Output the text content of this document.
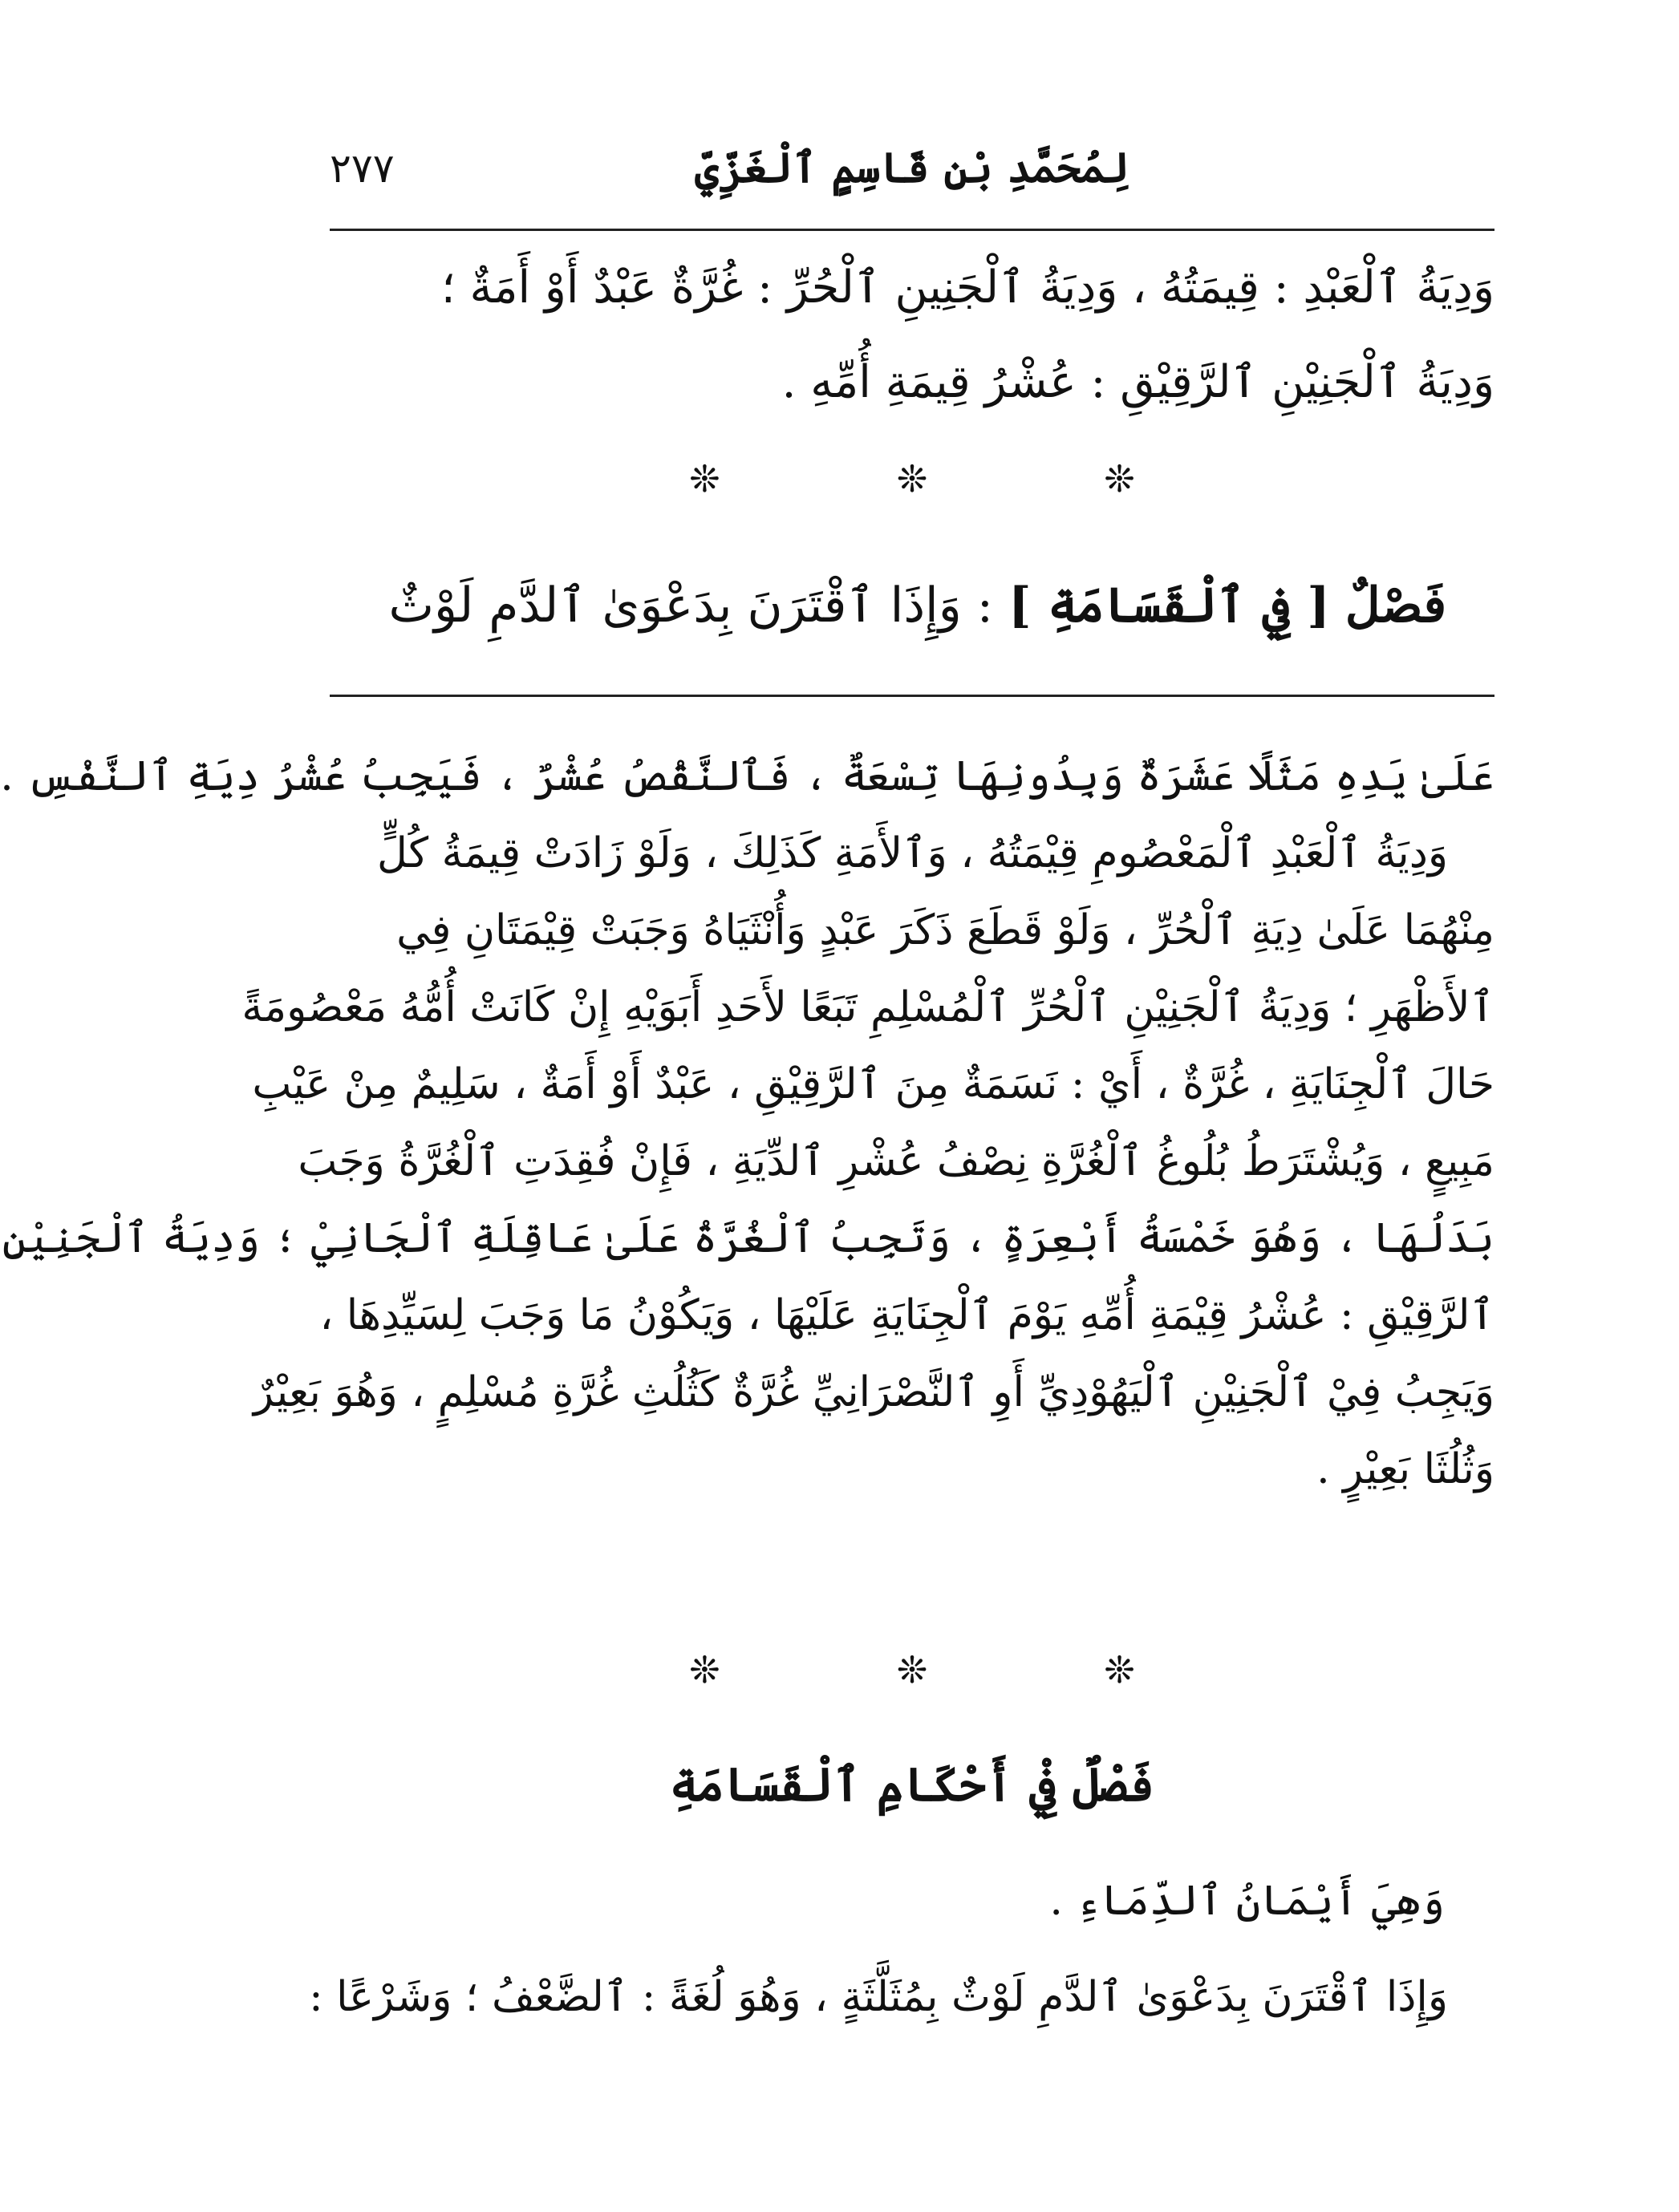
لِمُحَمَّدِ بْنِ قَاسِمٍ ٱلْغَزِّيِّ
٢٧٧
وَدِيَةُ ٱلْعَبْدِ : قِيمَتُهُ ، وَدِيَةُ ٱلْجَنِينِ ٱلْحُرِّ : غُرَّةٌ عَبْدٌ أَوْ أَمَةٌ ؛
وَدِيَةُ ٱلْجَنِيْنِ ٱلرَّقِيْقِ : عُشْرُ قِيمَةِ أُمِّهِ .
❊❊❊
فَصْلٌ [ فِي ٱلْقَسَامَةِ ] : وَإِذَا ٱقْتَرَنَ بِدَعْوَىٰ ٱلدَّمِ لَوْثٌ
عَلَىٰ يَدِهِ مَثَلًا عَشَرَةٌ وَبِدُونِهَا تِسْعَةٌ ، فَٱلنَّقْصُ عُشْرٌ ، فَيَجِبُ عُشْرُ دِيَةِ ٱلنَّفْسِ .
وَدِيَةُ ٱلْعَبْدِ ٱلْمَعْصُومِ قِيْمَتُهُ ، وَٱلأَمَةِ كَذَلِكَ ، وَلَوْ زَادَتْ قِيمَةُ كُلٍّ
مِنْهُمَا عَلَىٰ دِيَةِ ٱلْحُرِّ ، وَلَوْ قَطَعَ ذَكَرَ عَبْدٍ وَأُنْثَيَاهُ وَجَبَتْ قِيْمَتَانِ فِي
ٱلأَظْهَرِ ؛ وَدِيَةُ ٱلْجَنِيْنِ ٱلْحُرِّ ٱلْمُسْلِمِ تَبَعًا لأَحَدِ أَبَوَيْهِ إِنْ كَانَتْ أُمُّهُ مَعْصُومَةً
حَالَ ٱلْجِنَايَةِ ، غُرَّةٌ ، أَيْ : نَسَمَةٌ مِنَ ٱلرَّقِيْقِ ، عَبْدٌ أَوْ أَمَةٌ ، سَلِيمٌ مِنْ عَيْبِ
مَبِيعٍ ، وَيُشْتَرَطُ بُلُوغُ ٱلْغُرَّةِ نِصْفُ عُشْرِ ٱلدِّيَةِ ، فَإِنْ فُقِدَتِ ٱلْغُرَّةُ وَجَبَ
بَدَلُهَا ، وَهُوَ خَمْسَةُ أَبْعِرَةٍ ، وَتَجِبُ ٱلْغُرَّةُ عَلَىٰ عَاقِلَةِ ٱلْجَانِيْ ؛ وَدِيَةُ ٱلْجَنِيْنِ
ٱلرَّقِيْقِ : عُشْرُ قِيْمَةِ أُمِّهِ يَوْمَ ٱلْجِنَايَةِ عَلَيْهَا ، وَيَكُوْنُ مَا وَجَبَ لِسَيِّدِهَا ،
وَيَجِبُ فِيْ ٱلْجَنِيْنِ ٱلْيَهُوْدِيِّ أَوِ ٱلنَّصْرَانِيِّ غُرَّةٌ كَثُلُثِ غُرَّةِ مُسْلِمٍ ، وَهُوَ بَعِيْرٌ
وَثُلُثَا بَعِيْرٍ .
❊❊❊
فَصْلٌ فِيْ أَحْكَامِ ٱلْقَسَامَةِ
وَهِيَ أَيْمَانُ ٱلدِّمَاءِ .
وَإِذَا ٱقْتَرَنَ بِدَعْوَىٰ ٱلدَّمِ لَوْثٌ بِمُثَلَّثَةٍ ، وَهُوَ لُغَةً : ٱلضَّعْفُ ؛ وَشَرْعًا :
